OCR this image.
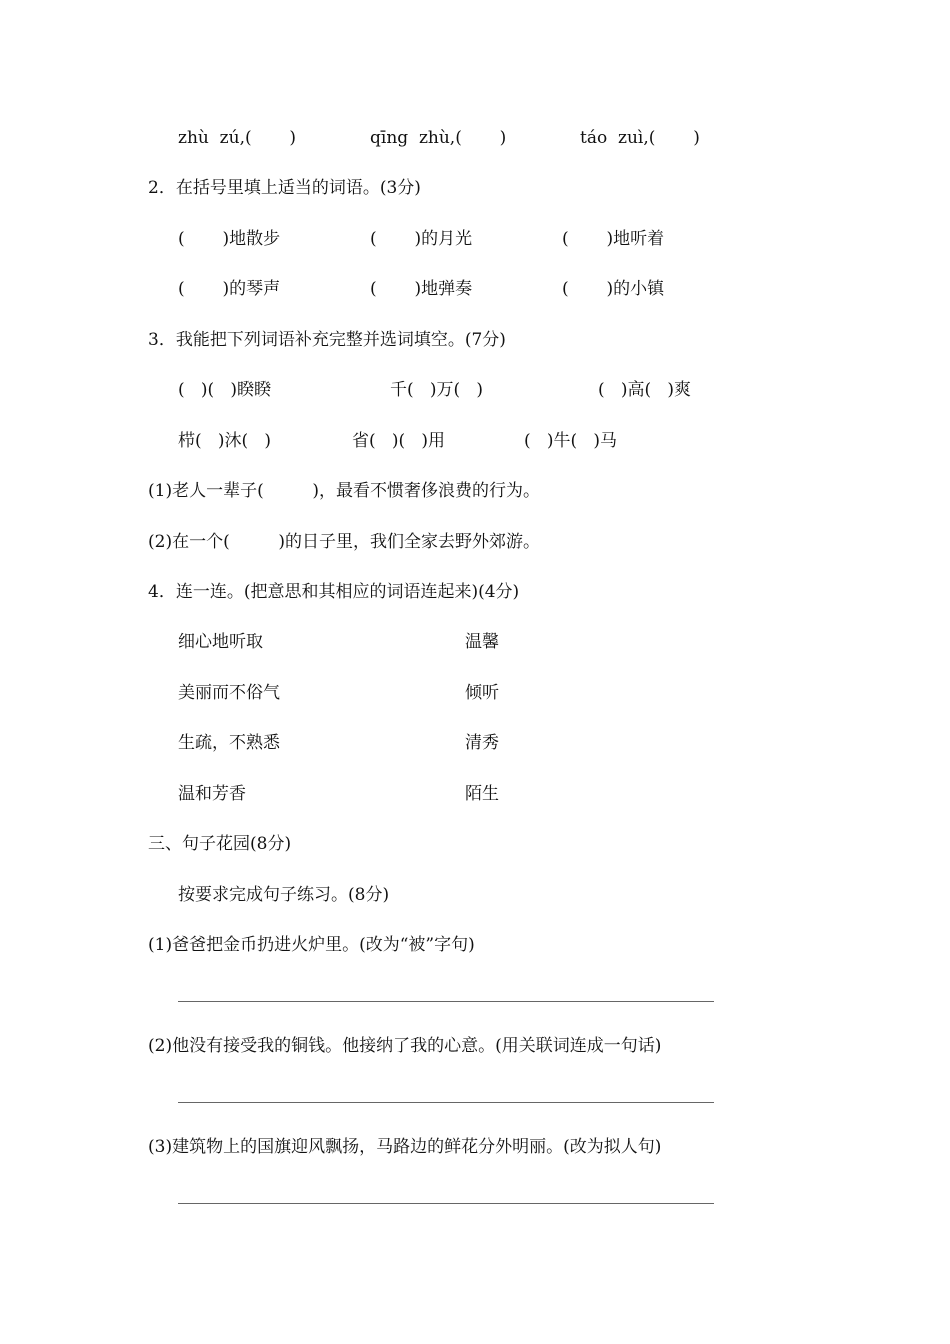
zhù  zú,(       )	qīng  zhù,(       )	táo  zuì,(       )
2．在括号里填上适当的词语。(3分)
(       )地散步	(       )的月光	(       )地听着
(       )的琴声	(       )地弹奏	(       )的小镇
3．我能把下列词语补充完整并选词填空。(7分)
(   )(   )睽睽	千(   )万(   )	(   )高(   )爽
栉(   )沐(   )	省(   )(   )用	(   )牛(   )马
(1)老人一辈子(         )，最看不惯奢侈浪费的行为。
(2)在一个(         )的日子里，我们全家去野外郊游。
4．连一连。(把意思和其相应的词语连起来)(4分)
细心地听取	温馨
美丽而不俗气	倾听
生疏，不熟悉	清秀
温和芳香	陌生
三、句子花园(8分)
按要求完成句子练习。(8分)
(1)爸爸把金币扔进火炉里。(改为“被”字句)
(2)他没有接受我的铜钱。他接纳了我的心意。(用关联词连成一句话)
(3)建筑物上的国旗迎风飘扬，马路边的鲜花分外明丽。(改为拟人句)
